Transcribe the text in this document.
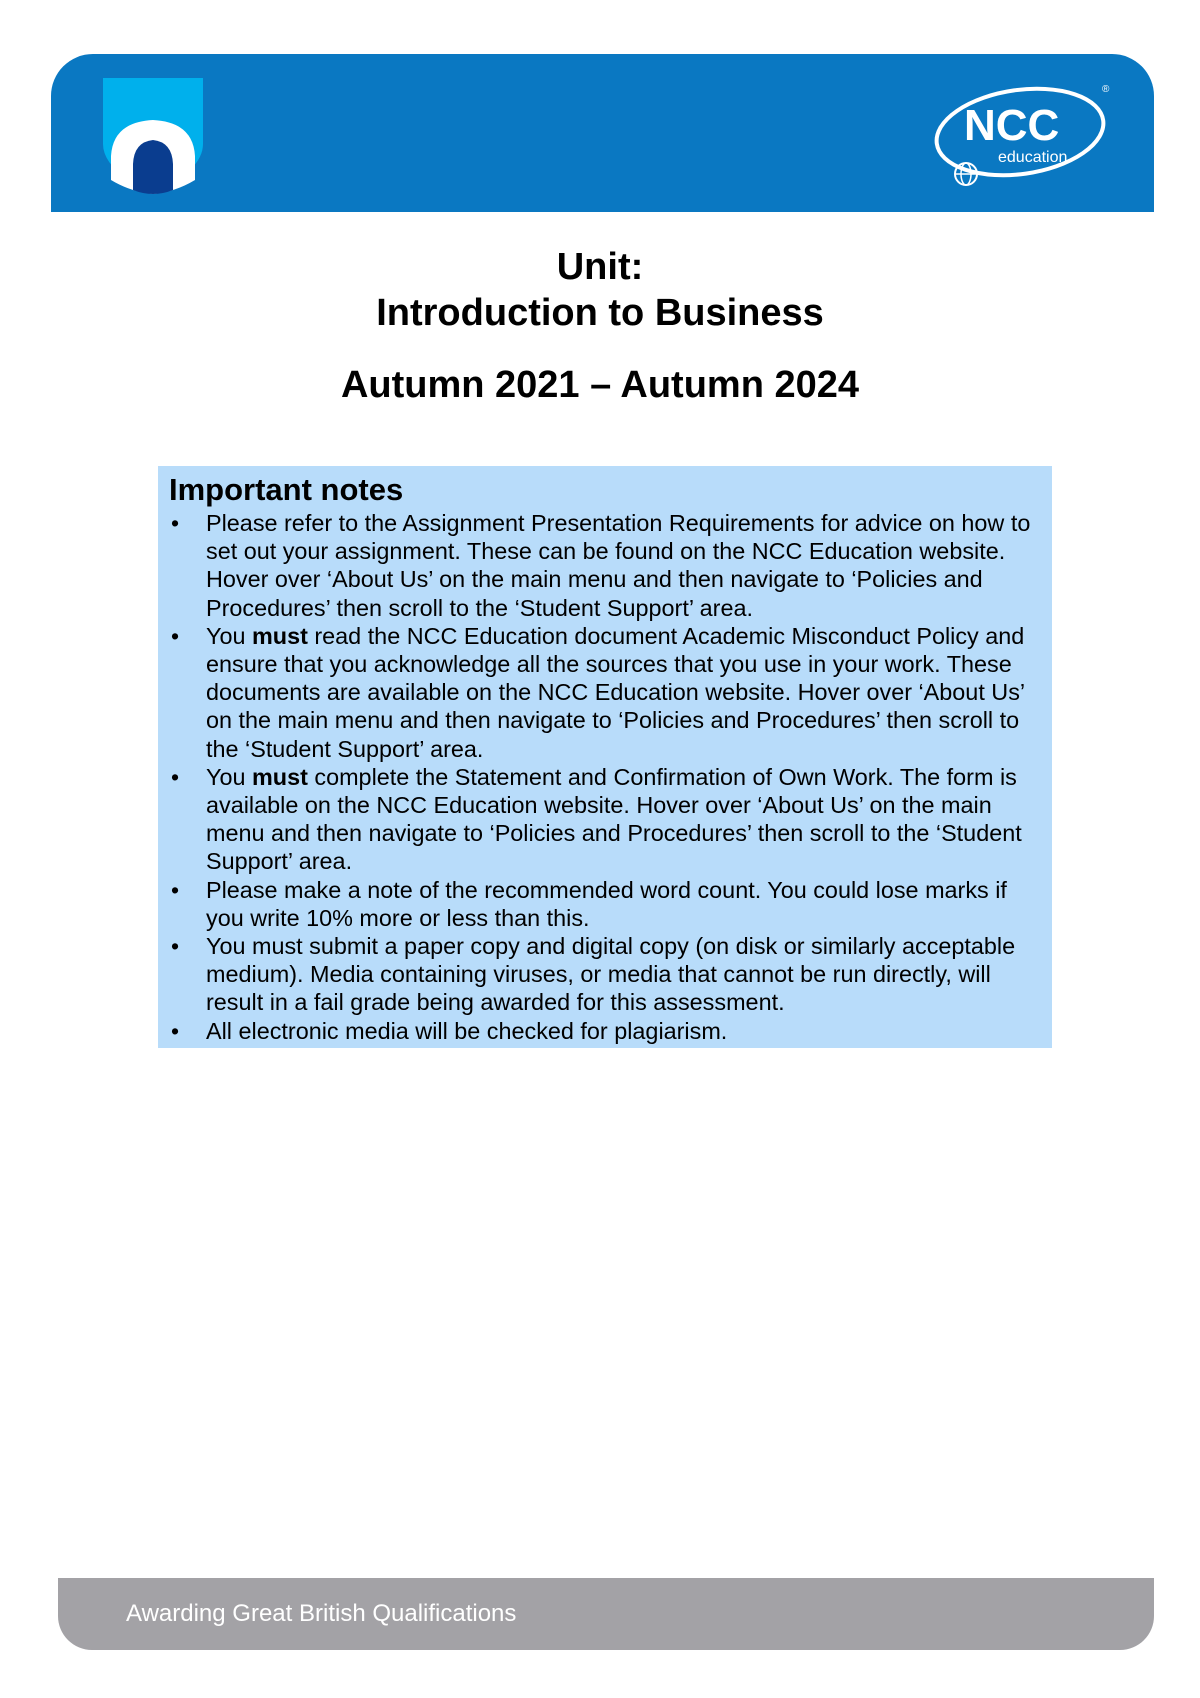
NCC
education
®
Unit:
Introduction to Business
Autumn 2021 – Autumn 2024
Important notes
• Please refer to the Assignment Presentation Requirements for advice on how to set out your assignment. These can be found on the NCC Education website. Hover over ‘About Us’ on the main menu and then navigate to ‘Policies and Procedures’ then scroll to the ‘Student Support’ area.
• You must read the NCC Education document Academic Misconduct Policy and ensure that you acknowledge all the sources that you use in your work. These documents are available on the NCC Education website. Hover over ‘About Us’ on the main menu and then navigate to ‘Policies and Procedures’ then scroll to the ‘Student Support’ area.
• You must complete the Statement and Confirmation of Own Work. The form is available on the NCC Education website. Hover over ‘About Us’ on the main menu and then navigate to ‘Policies and Procedures’ then scroll to the ‘Student Support’ area.
• Please make a note of the recommended word count. You could lose marks if you write 10% more or less than this.
• You must submit a paper copy and digital copy (on disk or similarly acceptable medium). Media containing viruses, or media that cannot be run directly, will result in a fail grade being awarded for this assessment.
• All electronic media will be checked for plagiarism.
Awarding Great British Qualifications
